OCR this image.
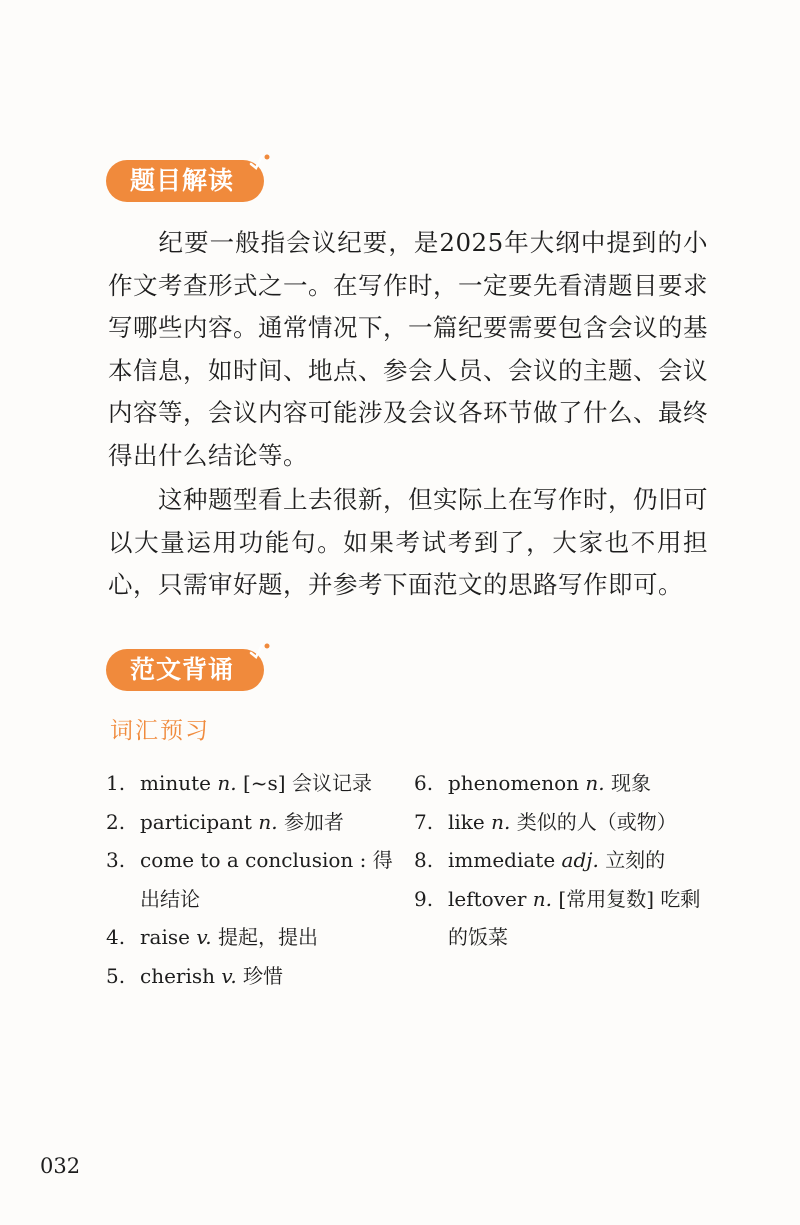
题目解读

纪要一般指会议纪要，是2025年大纲中提到的小作文考查形式之一。在写作时，一定要先看清题目要求写哪些内容。通常情况下，一篇纪要需要包含会议的基本信息，如时间、地点、参会人员、会议的主题、会议内容等，会议内容可能涉及会议各环节做了什么、最终得出什么结论等。

这种题型看上去很新，但实际上在写作时，仍旧可以大量运用功能句。如果考试考到了，大家也不用担心，只需审好题，并参考下面范文的思路写作即可。

范文背诵
词汇预习
1. minute n. [~s] 会议记录
2. participant n. 参加者
3. come to a conclusion : 得出结论
4. raise v. 提起，提出
5. cherish v. 珍惜
6. phenomenon n. 现象
7. like n. 类似的人（或物）
8. immediate adj. 立刻的
9. leftover n. [常用复数] 吃剩的饭菜
032
